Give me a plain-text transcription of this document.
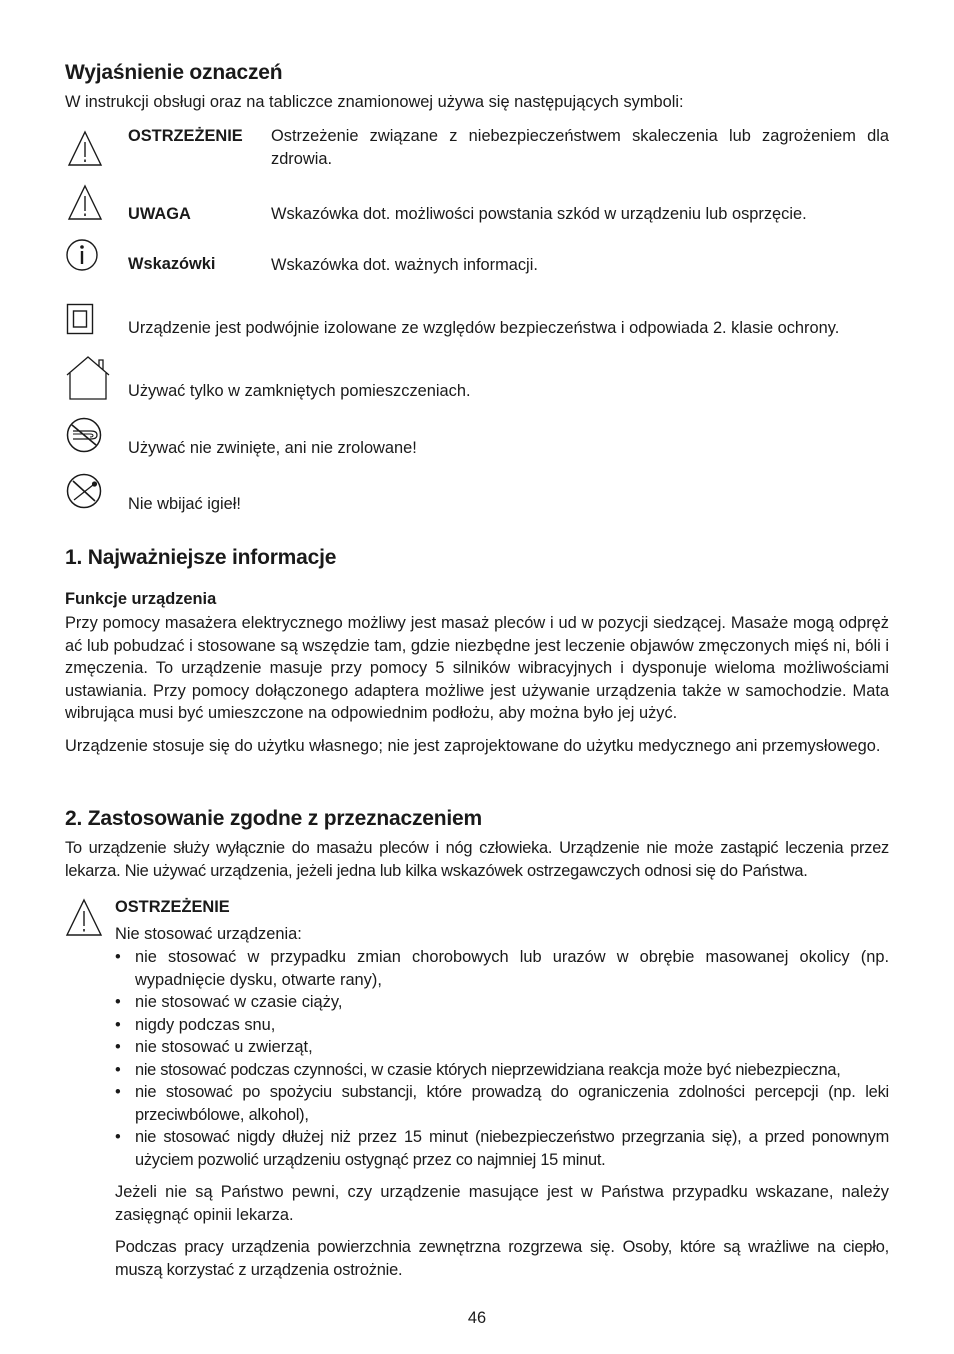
Wyjaśnienie oznaczeń

W instrukcji obsługi oraz na tabliczce znamionowej używa się następujących symboli:

OSTRZEŻENIE Ostrzeżenie związane z niebezpieczeństwem skaleczenia lub zagrożeniem dla zdrowia.
UWAGA	Wskazówka dot. możliwości powstania szkód w urządzeniu lub osprzęcie.
Wskazówki	Wskazówka dot. ważnych informacji.
Urządzenie jest podwójnie izolowane ze względów bezpieczeństwa i odpowiada 2. klasie ochrony.
Używać tylko w zamkniętych pomieszczeniach.
Używać nie zwinięte, ani nie zrolowane!
Nie wbijać igieł!
1. Najważniejsze informacje
Funkcje urządzenia

Przy pomocy masażera elektrycznego możliwy jest masaż pleców i ud w pozycji siedzącej. Masaże mogą odpręż ać lub pobudzać i stosowane są wszędzie tam, gdzie niezbędne jest leczenie objawów zmęczonych mięś ni, bóli i zmęczenia. To urządzenie masuje przy pomocy 5 silników wibracyjnych i dysponuje wieloma możliwościami ustawiania. Przy pomocy dołączonego adaptera możliwe jest używanie urządzenia także w samochodzie. Mata wibrująca musi być umieszczone na odpowiednim podłożu, aby można było jej użyć.

Urządzenie stosuje się do użytku własnego; nie jest zaprojektowane do użytku medycznego ani przemysłowego.

2. Zastosowanie zgodne z przeznaczeniem

To urządzenie służy wyłącznie do masażu pleców i nóg człowieka. Urządzenie nie może zastąpić leczenia przez lekarza. Nie używać urządzenia, jeżeli jedna lub kilka wskazówek ostrzegawczych odnosi się do Państwa.

OSTRZEŻENIE
Nie stosować urządzenia:
• nie stosować w przypadku zmian chorobowych lub urazów w obrębie masowanej okolicy (np. wypadnięcie dysku, otwarte rany),
• nie stosować w czasie ciąży,
• nigdy podczas snu,
• nie stosować u zwierząt,
• nie stosować podczas czynności, w czasie których nieprzewidziana reakcja może być niebezpieczna,
• nie stosować po spożyciu substancji, które prowadzą do ograniczenia zdolności percepcji (np. leki przeciwbólowe, alkohol),
• nie stosować nigdy dłużej niż przez 15 minut (niebezpieczeństwo przegrzania się), a przed ponownym użyciem pozwolić urządzeniu ostygnąć przez co najmniej 15 minut.

Jeżeli nie są Państwo pewni, czy urządzenie masujące jest w Państwa przypadku wskazane, należy zasięgnąć opinii lekarza.

Podczas pracy urządzenia powierzchnia zewnętrzna rozgrzewa się. Osoby, które są wrażliwe na ciepło, muszą korzystać z urządzenia ostrożnie.

46
